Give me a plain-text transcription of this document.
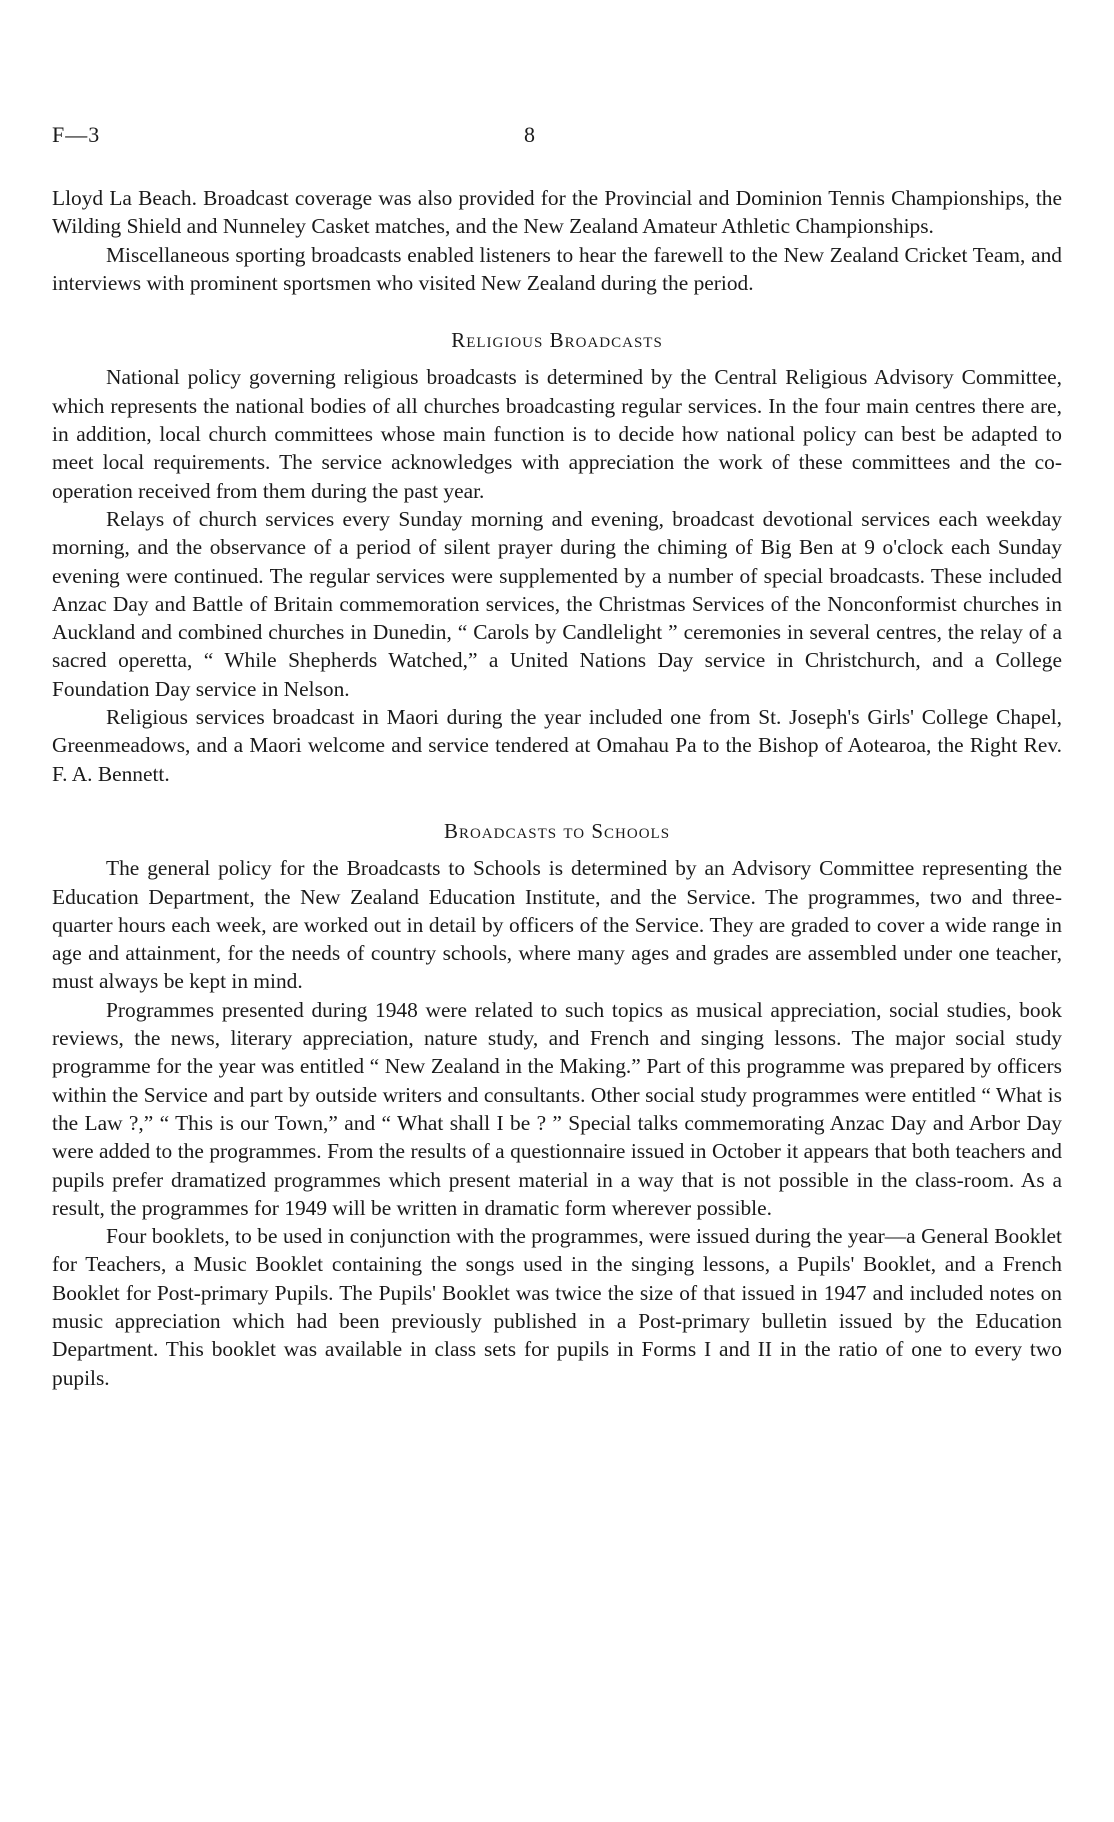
F—3	8

Lloyd La Beach. Broadcast coverage was also provided for the Provincial and Dominion Tennis Championships, the Wilding Shield and Nunneley Casket matches, and the New Zealand Amateur Athletic Championships.

Miscellaneous sporting broadcasts enabled listeners to hear the farewell to the New Zealand Cricket Team, and interviews with prominent sportsmen who visited New Zealand during the period.

Religious Broadcasts

National policy governing religious broadcasts is determined by the Central Religious Advisory Committee, which represents the national bodies of all churches broadcasting regular services. In the four main centres there are, in addition, local church committees whose main function is to decide how national policy can best be adapted to meet local requirements. The service acknowledges with appreciation the work of these committees and the co-operation received from them during the past year.

Relays of church services every Sunday morning and evening, broadcast devotional services each weekday morning, and the observance of a period of silent prayer during the chiming of Big Ben at 9 o'clock each Sunday evening were continued. The regular services were supplemented by a number of special broadcasts. These included Anzac Day and Battle of Britain commemoration services, the Christmas Services of the Nonconformist churches in Auckland and combined churches in Dunedin, “ Carols by Candlelight ” ceremonies in several centres, the relay of a sacred operetta, “ While Shepherds Watched,” a United Nations Day service in Christchurch, and a College Foundation Day service in Nelson.

Religious services broadcast in Maori during the year included one from St. Joseph's Girls' College Chapel, Greenmeadows, and a Maori welcome and service tendered at Omahau Pa to the Bishop of Aotearoa, the Right Rev. F. A. Bennett.

Broadcasts to Schools

The general policy for the Broadcasts to Schools is determined by an Advisory Committee representing the Education Department, the New Zealand Education Institute, and the Service. The programmes, two and three-quarter hours each week, are worked out in detail by officers of the Service. They are graded to cover a wide range in age and attainment, for the needs of country schools, where many ages and grades are assembled under one teacher, must always be kept in mind.

Programmes presented during 1948 were related to such topics as musical appreciation, social studies, book reviews, the news, literary appreciation, nature study, and French and singing lessons. The major social study programme for the year was entitled “ New Zealand in the Making.” Part of this programme was prepared by officers within the Service and part by outside writers and consultants. Other social study programmes were entitled “ What is the Law ?,” “ This is our Town,” and “ What shall I be ? ” Special talks commemorating Anzac Day and Arbor Day were added to the programmes. From the results of a questionnaire issued in October it appears that both teachers and pupils prefer dramatized programmes which present material in a way that is not possible in the class-room. As a result, the programmes for 1949 will be written in dramatic form wherever possible.

Four booklets, to be used in conjunction with the programmes, were issued during the year—a General Booklet for Teachers, a Music Booklet containing the songs used in the singing lessons, a Pupils' Booklet, and a French Booklet for Post-primary Pupils. The Pupils' Booklet was twice the size of that issued in 1947 and included notes on music appreciation which had been previously published in a Post-primary bulletin issued by the Education Department. This booklet was available in class sets for pupils in Forms I and II in the ratio of one to every two pupils.
